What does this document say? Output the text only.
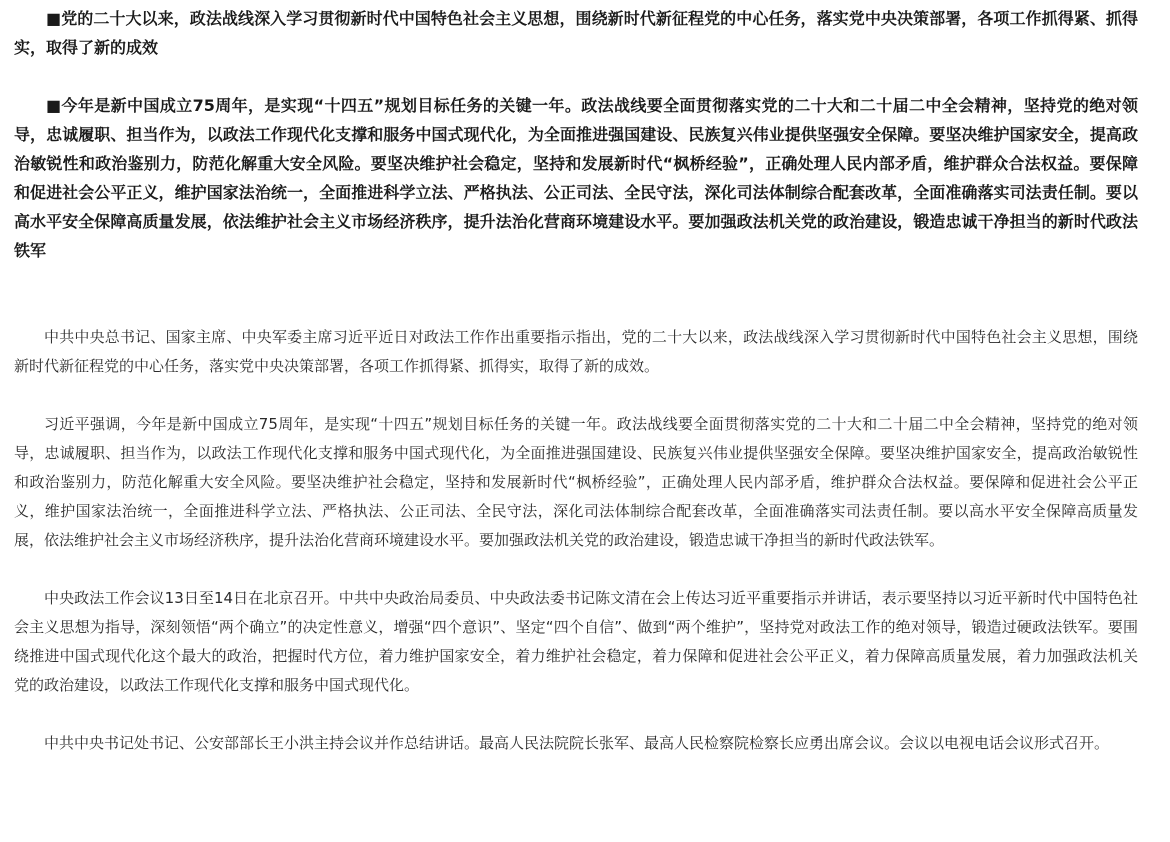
■党的二十大以来，政法战线深入学习贯彻新时代中国特色社会主义思想，围绕新时代新征程党的中心任务，落实党中央决策部署，各项工作抓得紧、抓得实，取得了新的成效

■今年是新中国成立75周年，是实现“十四五”规划目标任务的关键一年。政法战线要全面贯彻落实党的二十大和二十届二中全会精神，坚持党的绝对领导，忠诚履职、担当作为，以政法工作现代化支撑和服务中国式现代化，为全面推进强国建设、民族复兴伟业提供坚强安全保障。要坚决维护国家安全，提高政治敏锐性和政治鉴别力，防范化解重大安全风险。要坚决维护社会稳定，坚持和发展新时代“枫桥经验”，正确处理人民内部矛盾，维护群众合法权益。要保障和促进社会公平正义，维护国家法治统一，全面推进科学立法、严格执法、公正司法、全民守法，深化司法体制综合配套改革，全面准确落实司法责任制。要以高水平安全保障高质量发展，依法维护社会主义市场经济秩序，提升法治化营商环境建设水平。要加强政法机关党的政治建设，锻造忠诚干净担当的新时代政法铁军

中共中央总书记、国家主席、中央军委主席习近平近日对政法工作作出重要指示指出，党的二十大以来，政法战线深入学习贯彻新时代中国特色社会主义思想，围绕新时代新征程党的中心任务，落实党中央决策部署，各项工作抓得紧、抓得实，取得了新的成效。

习近平强调，今年是新中国成立75周年，是实现“十四五”规划目标任务的关键一年。政法战线要全面贯彻落实党的二十大和二十届二中全会精神，坚持党的绝对领导，忠诚履职、担当作为，以政法工作现代化支撑和服务中国式现代化，为全面推进强国建设、民族复兴伟业提供坚强安全保障。要坚决维护国家安全，提高政治敏锐性和政治鉴别力，防范化解重大安全风险。要坚决维护社会稳定，坚持和发展新时代“枫桥经验”，正确处理人民内部矛盾，维护群众合法权益。要保障和促进社会公平正义，维护国家法治统一，全面推进科学立法、严格执法、公正司法、全民守法，深化司法体制综合配套改革，全面准确落实司法责任制。要以高水平安全保障高质量发展，依法维护社会主义市场经济秩序，提升法治化营商环境建设水平。要加强政法机关党的政治建设，锻造忠诚干净担当的新时代政法铁军。

中央政法工作会议13日至14日在北京召开。中共中央政治局委员、中央政法委书记陈文清在会上传达习近平重要指示并讲话，表示要坚持以习近平新时代中国特色社会主义思想为指导，深刻领悟“两个确立”的决定性意义，增强“四个意识”、坚定“四个自信”、做到“两个维护”，坚持党对政法工作的绝对领导，锻造过硬政法铁军。要围绕推进中国式现代化这个最大的政治，把握时代方位，着力维护国家安全，着力维护社会稳定，着力保障和促进社会公平正义，着力保障高质量发展，着力加强政法机关党的政治建设，以政法工作现代化支撑和服务中国式现代化。

中共中央书记处书记、公安部部长王小洪主持会议并作总结讲话。最高人民法院院长张军、最高人民检察院检察长应勇出席会议。会议以电视电话会议形式召开。
